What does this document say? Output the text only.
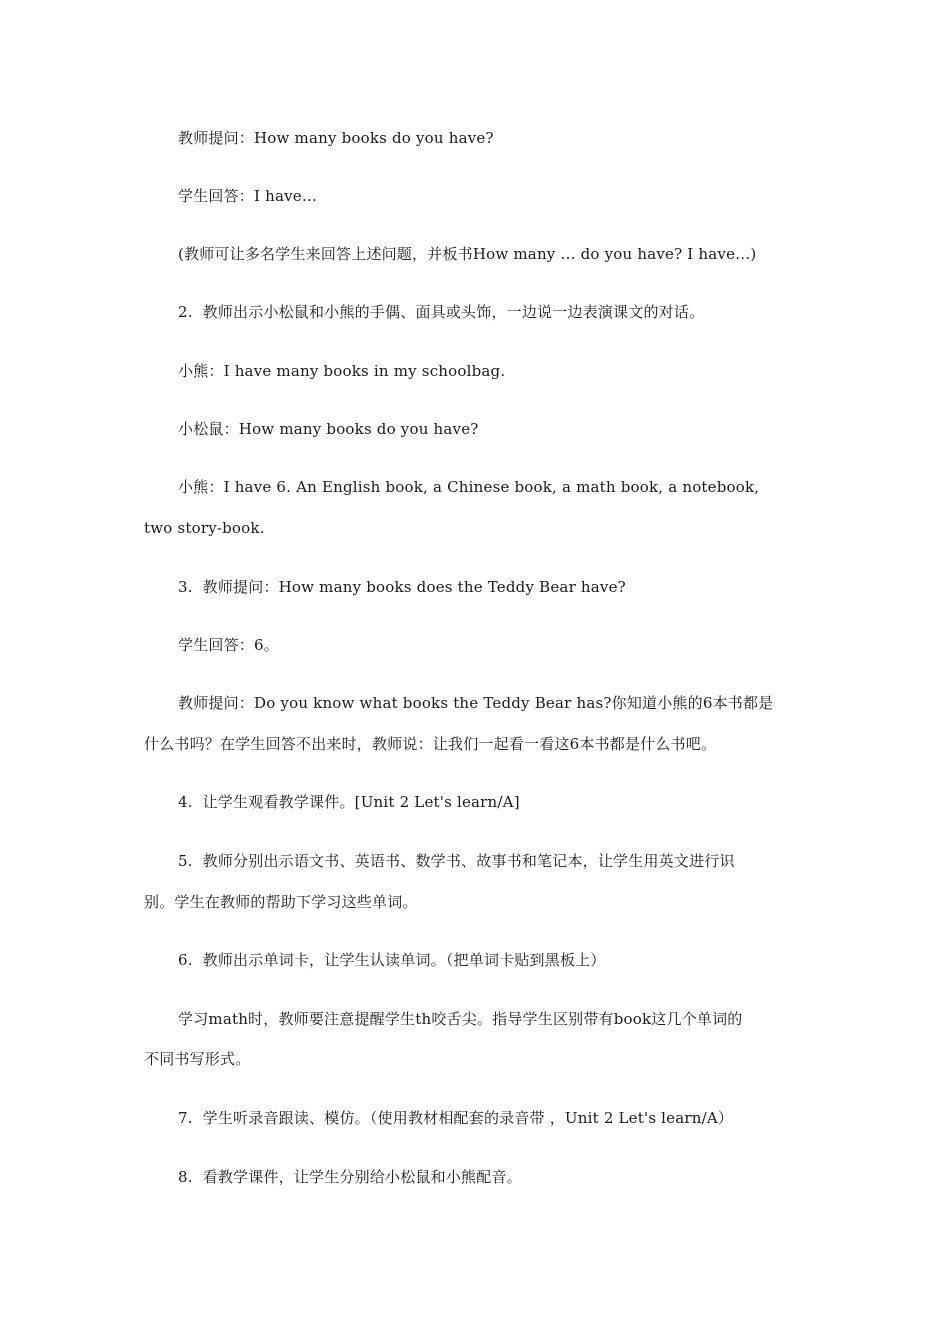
教师提问：How many books do you have?
学生回答：I have…
(教师可让多名学生来回答上述问题，并板书How many … do you have? I have…)
2.  教师出示小松鼠和小熊的手偶、面具或头饰，一边说一边表演课文的对话。
小熊：I have many books in my schoolbag.
小松鼠：How many books do you have?
小熊：I have 6. An English book, a Chinese book, a math book, a notebook,
two story-book.
3.  教师提问：How many books does the Teddy Bear have?
学生回答：6。
教师提问：Do you know what books the Teddy Bear has?你知道小熊的6本书都是
什么书吗？在学生回答不出来时，教师说：让我们一起看一看这6本书都是什么书吧。
4.  让学生观看教学课件。[Unit 2 Let's learn/A]
5.  教师分别出示语文书、英语书、数学书、故事书和笔记本，让学生用英文进行识
别。学生在教师的帮助下学习这些单词。
6.  教师出示单词卡，让学生认读单词。（把单词卡贴到黑板上）
学习math时，教师要注意提醒学生th咬舌尖。指导学生区别带有book这几个单词的
不同书写形式。
7.  学生听录音跟读、模仿。（使用教材相配套的录音带 ，Unit 2 Let's learn/A）
8.  看教学课件，让学生分别给小松鼠和小熊配音。
